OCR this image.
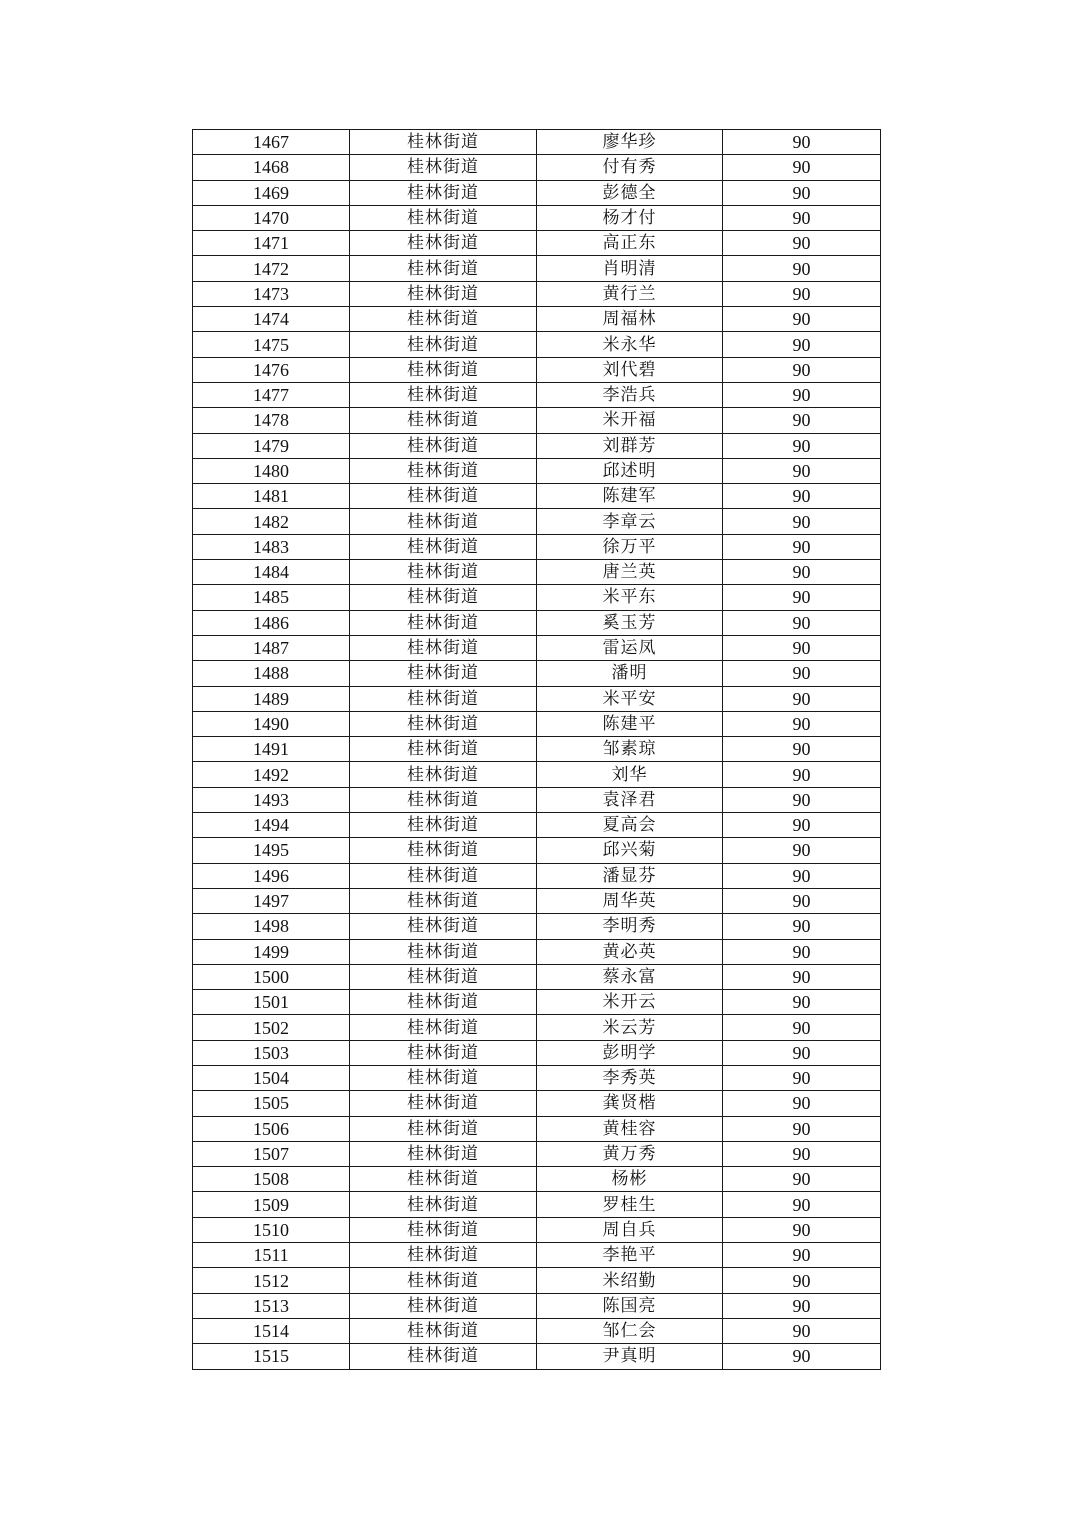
1467	桂林街道	廖华珍	90
1468	桂林街道	付有秀	90
1469	桂林街道	彭德全	90
1470	桂林街道	杨才付	90
1471	桂林街道	高正东	90
1472	桂林街道	肖明清	90
1473	桂林街道	黄行兰	90
1474	桂林街道	周福林	90
1475	桂林街道	米永华	90
1476	桂林街道	刘代碧	90
1477	桂林街道	李浩兵	90
1478	桂林街道	米开福	90
1479	桂林街道	刘群芳	90
1480	桂林街道	邱述明	90
1481	桂林街道	陈建军	90
1482	桂林街道	李章云	90
1483	桂林街道	徐万平	90
1484	桂林街道	唐兰英	90
1485	桂林街道	米平东	90
1486	桂林街道	奚玉芳	90
1487	桂林街道	雷运凤	90
1488	桂林街道	潘明	90
1489	桂林街道	米平安	90
1490	桂林街道	陈建平	90
1491	桂林街道	邹素琼	90
1492	桂林街道	刘华	90
1493	桂林街道	袁泽君	90
1494	桂林街道	夏高会	90
1495	桂林街道	邱兴菊	90
1496	桂林街道	潘显芬	90
1497	桂林街道	周华英	90
1498	桂林街道	李明秀	90
1499	桂林街道	黄必英	90
1500	桂林街道	蔡永富	90
1501	桂林街道	米开云	90
1502	桂林街道	米云芳	90
1503	桂林街道	彭明学	90
1504	桂林街道	李秀英	90
1505	桂林街道	龚贤楷	90
1506	桂林街道	黄桂容	90
1507	桂林街道	黄万秀	90
1508	桂林街道	杨彬	90
1509	桂林街道	罗桂生	90
1510	桂林街道	周自兵	90
1511	桂林街道	李艳平	90
1512	桂林街道	米绍勤	90
1513	桂林街道	陈国亮	90
1514	桂林街道	邹仁会	90
1515	桂林街道	尹真明	90
